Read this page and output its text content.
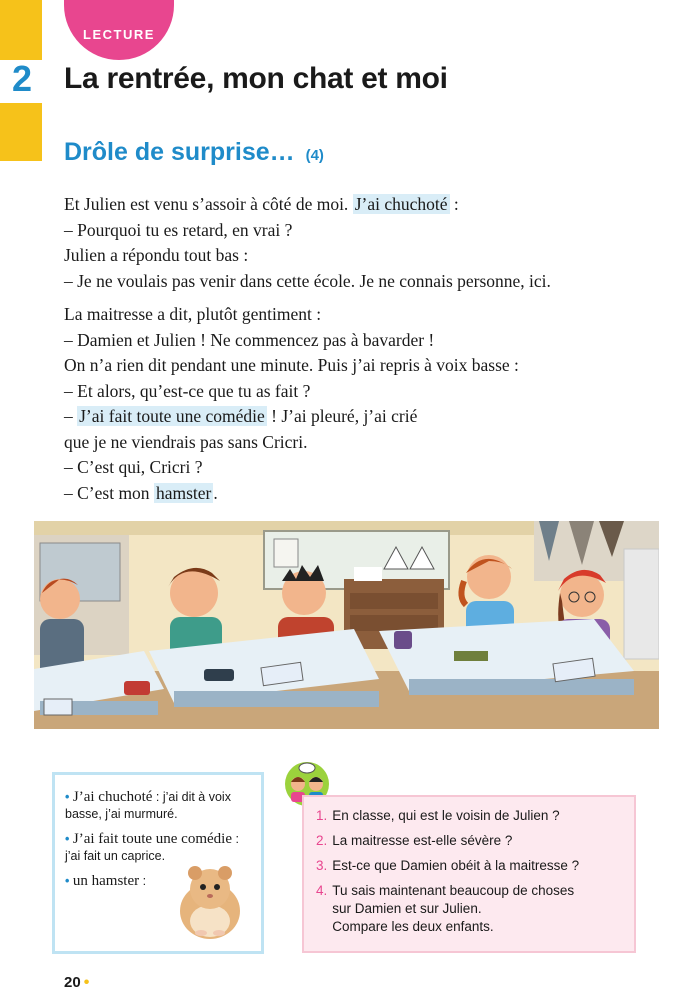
LECTURE
2 La rentrée, mon chat et moi
Drôle de surprise… (4)
Et Julien est venu s’assoir à côté de moi. J’ai chuchoté :
– Pourquoi tu es retard, en vrai ?
Julien a répondu tout bas :
– Je ne voulais pas venir dans cette école. Je ne connais personne, ici.
La maitresse a dit, plutôt gentiment :
– Damien et Julien ! Ne commencez pas à bavarder !
On n’a rien dit pendant une minute. Puis j’ai repris à voix basse :
– Et alors, qu’est-ce que tu as fait ?
– J’ai fait toute une comédie ! J’ai pleuré, j’ai crié
que je ne viendrais pas sans Cricri.
– C’est qui, Cricri ?
– C’est mon hamster .
• J’ai chuchoté : j’ai dit à voix basse, j’ai murmuré.
• J’ai fait toute une comédie : j’ai fait un caprice.
• un hamster :
1. En classe, qui est le voisin de Julien ?
2. La maitresse est-elle sévère ?
3. Est-ce que Damien obéit à la maitresse ?
4. Tu sais maintenant beaucoup de choses
sur Damien et sur Julien.
Compare les deux enfants.
20 •
